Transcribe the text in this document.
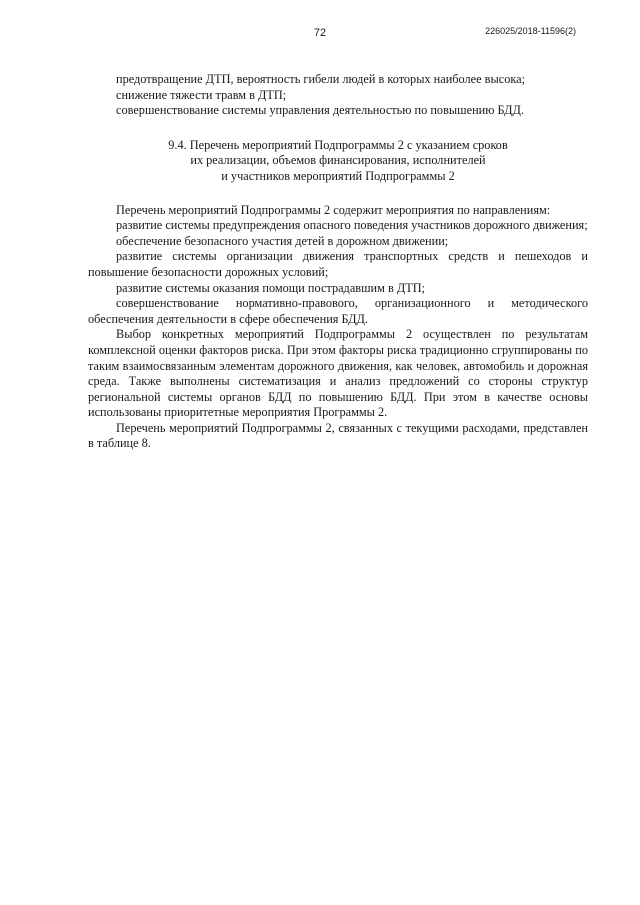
72	226025/2018-11596(2)

предотвращение ДТП, вероятность гибели людей в которых наиболее высока;

снижение тяжести травм в ДТП;

совершенствование системы управления деятельностью по повышению БДД.

9.4. Перечень мероприятий Подпрограммы 2 с указанием сроков
их реализации, объемов финансирования, исполнителей
и участников мероприятий Подпрограммы 2

Перечень мероприятий Подпрограммы 2 содержит мероприятия по направлениям:

развитие системы предупреждения опасного поведения участников дорожного движения;

обеспечение безопасного участия детей в дорожном движении;

развитие системы организации движения транспортных средств и пешеходов и повышение безопасности дорожных условий;

развитие системы оказания помощи пострадавшим в ДТП;

совершенствование нормативно-правового, организационного и методического обеспечения деятельности в сфере обеспечения БДД.

Выбор конкретных мероприятий Подпрограммы 2 осуществлен по результатам комплексной оценки факторов риска. При этом факторы риска традиционно сгруппированы по таким взаимосвязанным элементам дорожного движения, как человек, автомобиль и дорожная среда. Также выполнены систематизация и анализ предложений со стороны структур региональной системы органов БДД по повышению БДД. При этом в качестве основы использованы приоритетные мероприятия Программы 2.

Перечень мероприятий Подпрограммы 2, связанных с текущими расходами, представлен в таблице 8.
